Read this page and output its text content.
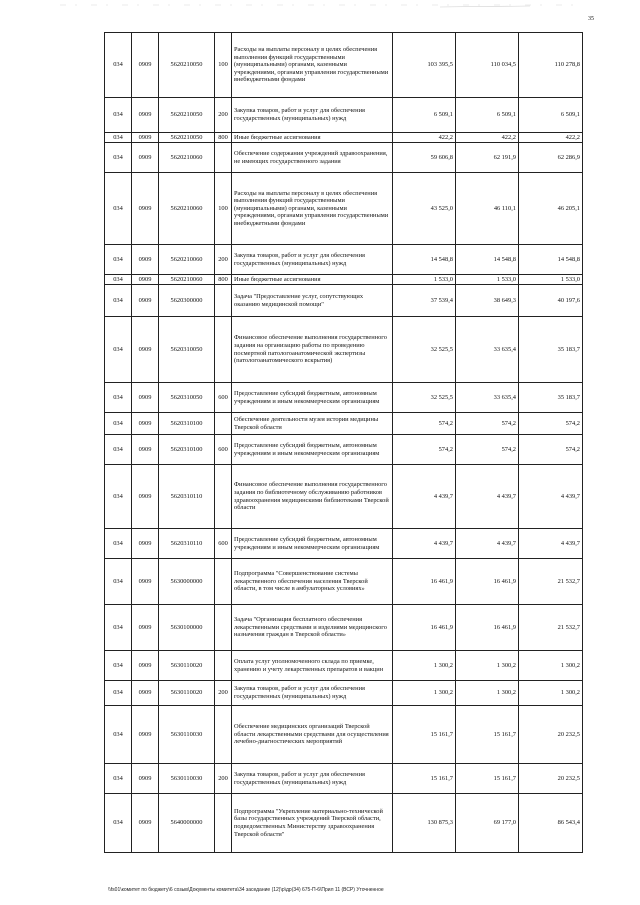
35
034	0909	5620210050	100	Расходы на выплаты персоналу в целях обеспечения выполнения функций государственными (муниципальными) органами, казенными учреждениями, органами управления государственными внебюджетными фондами	103 395,5	110 034,5	110 278,8
034	0909	5620210050	200	Закупка товаров, работ и услуг для обеспечения государственных (муниципальных) нужд	6 509,1	6 509,1	6 509,1
034	0909	5620210050	800	Иные бюджетные ассигнования	422,2	422,2	422,2
034	0909	5620210060		Обеспечение содержания учреждений здравоохранения, не имеющих государственного задания	59 606,8	62 191,9	62 286,9
034	0909	5620210060	100	Расходы на выплаты персоналу в целях обеспечения выполнения функций государственными (муниципальными) органами, казенными учреждениями, органами управления государственными внебюджетными фондами	43 525,0	46 110,1	46 205,1
034	0909	5620210060	200	Закупка товаров, работ и услуг для обеспечения государственных (муниципальных) нужд	14 548,8	14 548,8	14 548,8
034	0909	5620210060	800	Иные бюджетные ассигнования	1 533,0	1 533,0	1 533,0
034	0909	5620300000		Задача "Предоставление услуг, сопутствующих оказанию медицинской помощи"	37 539,4	38 649,3	40 197,6
034	0909	5620310050		Финансовое обеспечение выполнения государственного задания на организацию работы по проведению посмертной патологоанатомической экспертизы (патологоанатомического вскрытия)	32 525,5	33 635,4	35 183,7
034	0909	5620310050	600	Предоставление субсидий бюджетным, автономным учреждениям и иным некоммерческим организациям	32 525,5	33 635,4	35 183,7
034	0909	5620310100		Обеспечение деятельности музея истории медицины Тверской области	574,2	574,2	574,2
034	0909	5620310100	600	Предоставление субсидий бюджетным, автономным учреждениям и иным некоммерческим организациям	574,2	574,2	574,2
034	0909	5620310110		Финансовое обеспечение выполнения государственного задания по библиотечному обслуживанию работников здравоохранения медицинскими библиотеками Тверской области	4 439,7	4 439,7	4 439,7
034	0909	5620310110	600	Предоставление субсидий бюджетным, автономным учреждениям и иным некоммерческим организациям	4 439,7	4 439,7	4 439,7
034	0909	5630000000		Подпрограмма "Совершенствование системы лекарственного обеспечения населения Тверской области, в том числе в амбулаторных условиях»	16 461,9	16 461,9	21 532,7
034	0909	5630100000		Задача "Организация бесплатного обеспечения лекарственными средствами и изделиями медицинского назначения граждан в Тверской области»	16 461,9	16 461,9	21 532,7
034	0909	5630110020		Оплата услуг уполномоченного склада по приемке, хранению и учету лекарственных препаратов и вакцин	1 300,2	1 300,2	1 300,2
034	0909	5630110020	200	Закупка товаров, работ и услуг для обеспечения государственных (муниципальных) нужд	1 300,2	1 300,2	1 300,2
034	0909	5630110030		Обеспечение медицинских организаций Тверской области лекарственными средствами для осуществления лечебно-диагностических мероприятий	15 161,7	15 161,7	20 232,5
034	0909	5630110030	200	Закупка товаров, работ и услуг для обеспечения государственных (муниципальных) нужд	15 161,7	15 161,7	20 232,5
034	0909	5640000000		Подпрограмма "Укрепление материально-технической базы государственных учреждений Тверской области, подведомственных Министерству здравоохранения Тверской области"	130 875,3	69 177,0	86 543,4
\\fs01\комитет по бюджету\6 созыв\Документы комитета\34 заседание (12)\р\др(34) 675-П-6\Прил 11 (ВСР) Уточненное
